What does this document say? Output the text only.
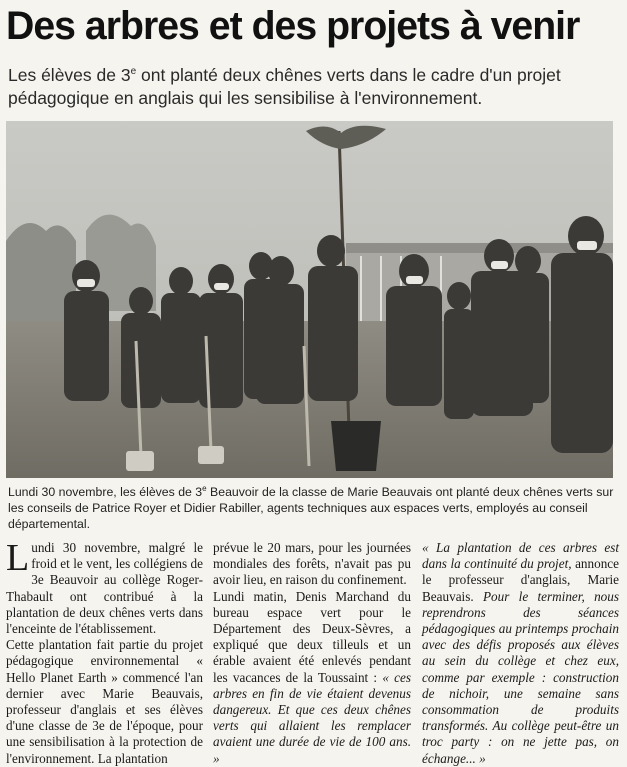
Des arbres et des projets à venir
Les élèves de 3e ont planté deux chênes verts dans le cadre d'un projet pédagogique en anglais qui les sensibilise à l'environnement.
Lundi 30 novembre, les élèves de 3e Beauvoir de la classe de Marie Beauvais ont planté deux chênes verts sur les conseils de Patrice Royer et Didier Rabiller, agents techniques aux espaces verts, employés au conseil départemental.

Lundi 30 novembre, malgré le froid et le vent, les collégiens de 3e Beauvoir au collège Roger-Thabault ont contribué à la plantation de deux chênes verts dans l'enceinte de l'établissement.

Cette plantation fait partie du projet pédagogique environnemental « Hello Planet Earth » commencé l'an dernier avec Marie Beauvais, professeur d'anglais et ses élèves d'une classe de 3e de l'époque, pour une sensibilisation à la protection de l'environnement. La plantation

prévue le 20 mars, pour les journées mondiales des forêts, n'avait pas pu avoir lieu, en raison du confinement.

Lundi matin, Denis Marchand du bureau espace vert pour le Département des Deux-Sèvres, a expliqué que deux tilleuls et un érable avaient été enlevés pendant les vacances de la Toussaint : « ces arbres en fin de vie étaient devenus dangereux. Et que ces deux chênes verts qui allaient les remplacer avaient une durée de vie de 100 ans. »

« La plantation de ces arbres est dans la continuité du projet, annonce le professeur d'anglais, Marie Beauvais. Pour le terminer, nous reprendrons des séances pédagogiques au printemps prochain avec des défis proposés aux élèves au sein du collège et chez eux, comme par exemple : construction de nichoir, une semaine sans consommation de produits transformés. Au collège peut-être un troc party : on ne jette pas, on échange... »
